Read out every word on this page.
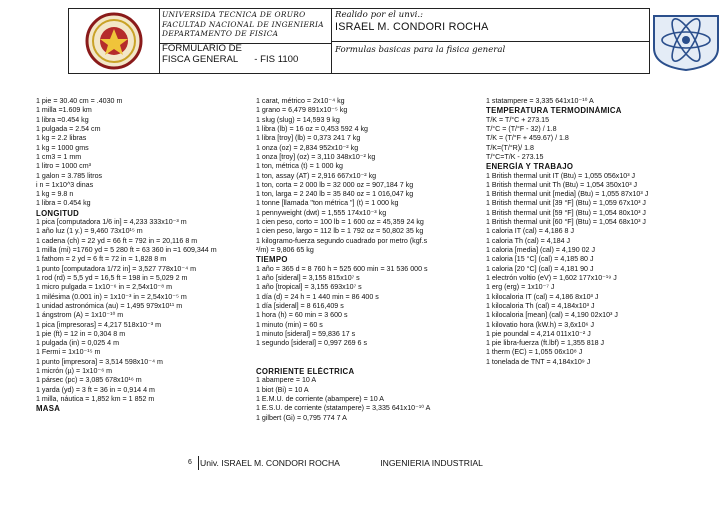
UNIVERSIDA TECNICA DE ORURO
FACULTAD NACIONAL DE INGENIERIA
DEPARTAMENTO DE FISICA
FORMULARIO DE
FISCA GENERAL - FIS 1100
Realido por el unvi.:
ISRAEL M. CONDORI ROCHA
Formulas basicas para la fisica general
1 pie = 30.40 cm = .4030 m
1 milla =1.609 km
1 libra =0.454 kg
1 pulgada = 2.54 cm
1 kg = 2.2 libras
1 kg = 1000 gms
1 cm3 = 1 mm
1 litro = 1000 cm³
1 galon = 3.785 litros
i n = 1x10^3 dinas
1 kg = 9.8 n
1 libra = 0.454 kg
LONGITUD
1 pica [computadora 1/6 in] = 4,233 333x10⁻³ m
1 año luz (1 y.) = 9,460 73x10¹⁵ m
1 cadena (ch) = 22 yd = 66 ft = 792 in = 20,116 8 m
1 milla (mi) =1760 yd = 5 280 ft = 63 360 in =1 609,344 m
1 fathom = 2 yd = 6 ft = 72 in = 1,828 8 m
1 punto [computadora 1/72 in] = 3,527 778x10⁻⁴ m
1 rod (rd) = 5,5 yd = 16,5 ft = 198 in = 5,029 2 m
1 micro pulgada = 1x10⁻⁶ in = 2,54x10⁻⁸ m
1 milésima (0.001 in) = 1x10⁻³ in = 2,54x10⁻⁵ m
1 unidad astronómica (au) = 1,495 979x10¹¹ m
1 ángstrom (A) = 1x10⁻¹⁰ m
1 pica [impresoras] = 4,217 518x10⁻³ m
1 pie (ft) = 12 in = 0,304 8 m
1 pulgada (in) = 0,025 4 m
1 Fermi = 1x10⁻¹⁵ m
1 punto [impresora] = 3,514 598x10⁻⁴ m
1 micrón (µ) = 1x10⁻⁶ m
1 pársec (pc) = 3,085 678x10¹⁶ m
1 yarda (yd) = 3 ft = 36 in = 0,914 4 m
1 milla, náutica = 1,852 km = 1 852 m
MASA
1 carat, métrico = 2x10⁻⁴ kg
1 grano = 6,479 891x10⁻⁵ kg
1 slug (slug) = 14,593 9 kg
1 libra (lb) = 16 oz = 0,453 592 4 kg
1 libra [troy] (lb) = 0,373 241 7 kg
1 onza (oz) = 2,834 952x10⁻² kg
1 onza [troy] (oz) = 3,110 348x10⁻² kg
1 ton, métrica (t) = 1 000 kg
1 ton, assay (AT) = 2,916 667x10⁻² kg
1 ton, corta = 2 000 lb = 32 000 oz = 907,184 7 kg
1 ton, larga = 2 240 lb = 35 840 oz = 1 016,047 kg
1 tonne [llamada "ton métrica "] (t) = 1 000 kg
1 pennyweight (dwt) = 1,555 174x10⁻³ kg
1 cien peso, corto = 100 lb = 1 600 oz = 45,359 24 kg
1 cien peso, largo = 112 lb = 1 792 oz = 50,802 35 kg
1 kilogramo-fuerza segundo cuadrado por metro (kgf.s
²/m) = 9,806 65 kg
TIEMPO
1 año = 365 d = 8 760 h = 525 600 min = 31 536 000 s
1 año [sideral] = 3,155 815x10⁷ s
1 año [tropical] = 3,155 693x10⁷ s
1 día (d) = 24 h = 1 440 min = 86 400 s
1 día [sideral] = 8 616,409 s
1 hora (h) = 60 min = 3 600 s
1 minuto (min) = 60 s
1 minuto [sideral] = 59,836 17 s
1 segundo [sideral] = 0,997 269 6 s
CORRIENTE ELÉCTRICA
1 abampere = 10 A
1 biot (Bi) = 10 A
1 E.M.U. de corriente (abampere) = 10 A
1 E.S.U. de corriente (statampere) = 3,335 641x10⁻¹⁰ A
1 gilbert (Gi) = 0,795 774 7 A
1 statampere = 3,335 641x10⁻¹⁰ A
TEMPERATURA TERMODINÁMICA
T/K = T/°C + 273.15
T/°C = (T/°F - 32) / 1.8
T/K = (T/°F + 459.67) / 1.8
T/K=(T/°R)/ 1.8
T/°C=T/K - 273.15
ENERGÍA Y TRABAJO
1 British thermal unit IT (Btu) = 1,055 056x10³ J
1 British thermal unit Th (Btu) = 1,054 350x10³ J
1 British thermal unit [media] (Btu) = 1,055 87x10³ J
1 British thermal unit [39 °F] (Btu) = 1,059 67x10³ J
1 British thermal unit [59 °F] (Btu) = 1,054 80x10³ J
1 British thermal unit [60 °F] (Btu) = 1,054 68x10³ J
1 caloria IT (cal) = 4,186 8 J
1 caloria Th (cal) = 4,184 J
1 caloria [media] (cal) = 4,190 02 J
1 caloria [15 °C] (cal) = 4,185 80 J
1 caloria [20 °C] (cal) = 4,181 90 J
1 electrón voltio (eV) = 1,602 177x10⁻¹⁹ J
1 erg (erg) = 1x10⁻⁷ J
1 kilocaloria IT (cal) = 4,186 8x10³ J
1 kilocaloria Th (cal) = 4,184x10³ J
1 kilocaloria [mean] (cal) = 4,190 02x10³ J
1 kilovatio hora (kW.h) = 3,6x10⁶ J
1 pie poundal = 4,214 011x10⁻² J
1 pie libra-fuerza (ft.lbf) = 1,355 818 J
1 therm (EC) = 1,055 06x10⁸ J
1 tonelada de TNT = 4,184x10⁹ J
6 Univ. ISRAEL M. CONDORI ROCHA	INGENIERIA INDUSTRIAL
